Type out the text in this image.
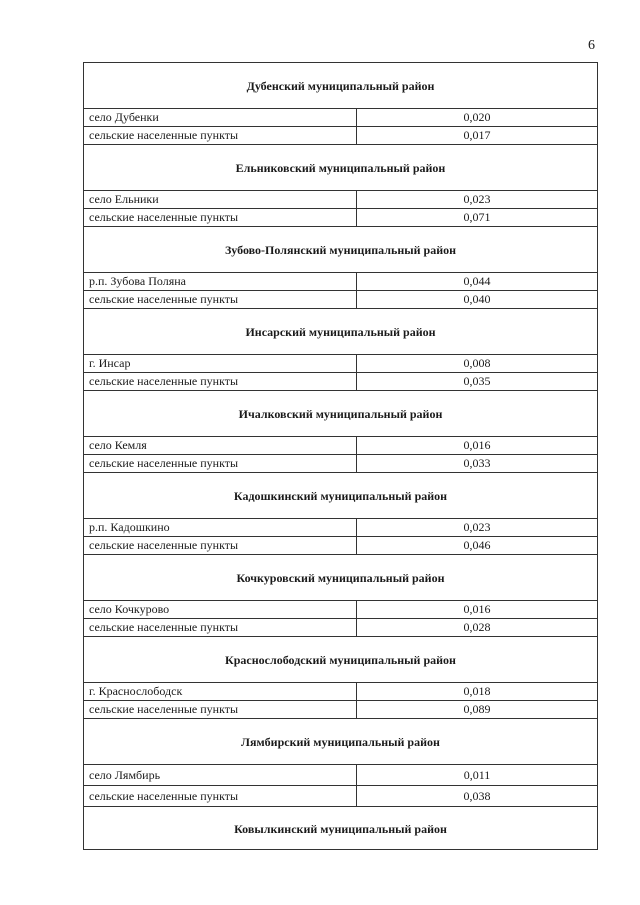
6
Дубенский муниципальный район	
село Дубенки	0,020
сельские населенные пункты	0,017
Ельниковский муниципальный район	
село Ельники	0,023
сельские населенные пункты	0,071
Зубово-Полянский муниципальный район	
р.п. Зубова Поляна	0,044
сельские населенные пункты	0,040
Инсарский муниципальный район	
г. Инсар	0,008
сельские населенные пункты	0,035
Ичалковский муниципальный район	
село Кемля	0,016
сельские населенные пункты	0,033
Кадошкинский муниципальный район	
р.п. Кадошкино	0,023
сельские населенные пункты	0,046
Кочкуровский муниципальный район	
село Кочкурово	0,016
сельские населенные пункты	0,028
Краснослободский муниципальный район	
г. Краснослободск	0,018
сельские населенные пункты	0,089
Лямбирский муниципальный район	
село Лямбирь	0,011
сельские населенные пункты	0,038
Ковылкинский муниципальный район	
